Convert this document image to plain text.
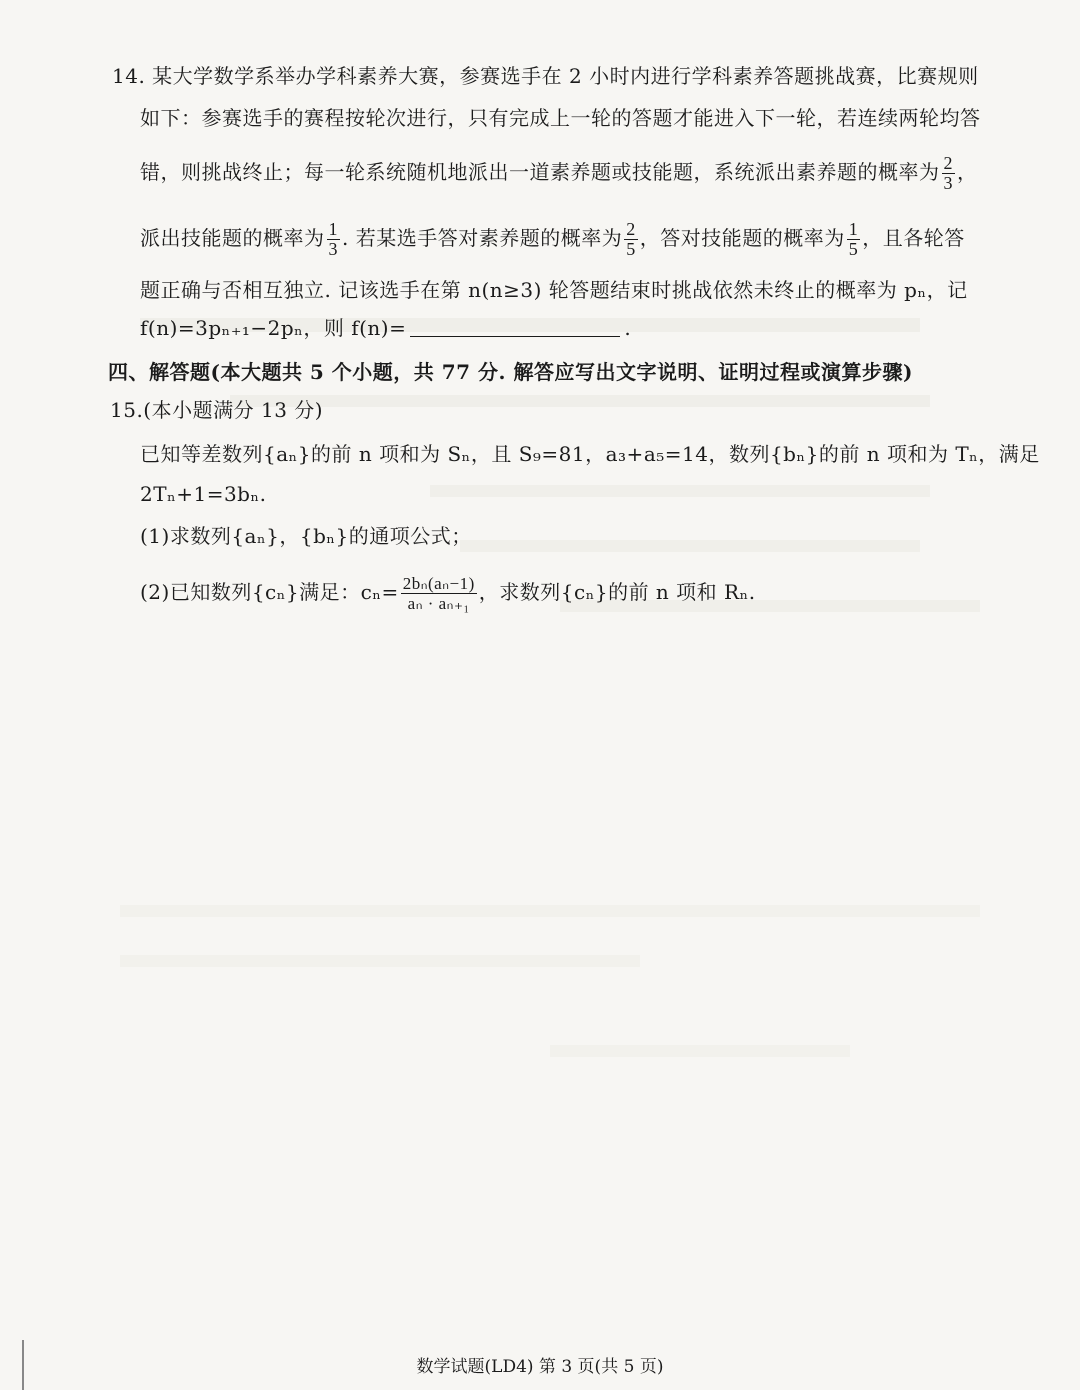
14. 某大学数学系举办学科素养大赛，参赛选手在 2 小时内进行学科素养答题挑战赛，比赛规则
如下：参赛选手的赛程按轮次进行，只有完成上一轮的答题才能进入下一轮，若连续两轮均答
错，则挑战终止；每一轮系统随机地派出一道素养题或技能题，系统派出素养题的概率为 $\frac{2}{3}$ ，
派出技能题的概率为 $\frac{1}{3}$ . 若某选手答对素养题的概率为 $\frac{2}{5}$ ，答对技能题的概率为 $\frac{1}{5}$ ，且各轮答
题正确与否相互独立. 记该选手在第 n(n≥3) 轮答题结束时挑战依然未终止的概率为 pₙ，记
f(n)=3pₙ₊₁−2pₙ，则 f(n)=	.
四、解答题(本大题共 5 个小题，共 77 分. 解答应写出文字说明、证明过程或演算步骤)
15.(本小题满分 13 分)
已知等差数列{aₙ}的前 n 项和为 Sₙ，且 S₉=81，a₃+a₅=14，数列{bₙ}的前 n 项和为 Tₙ，满足
2Tₙ+1=3bₙ.
(1)求数列{aₙ}，{bₙ}的通项公式；
(2)已知数列{cₙ}满足：$c_n= \frac{\text{2bₙ(aₙ−1)}}{\text{aₙ · aₙ₊₁}}$ ，求数列{cₙ}的前 n 项和 Rₙ.
数学试题(LD4) 第 3 页(共 5 页)
